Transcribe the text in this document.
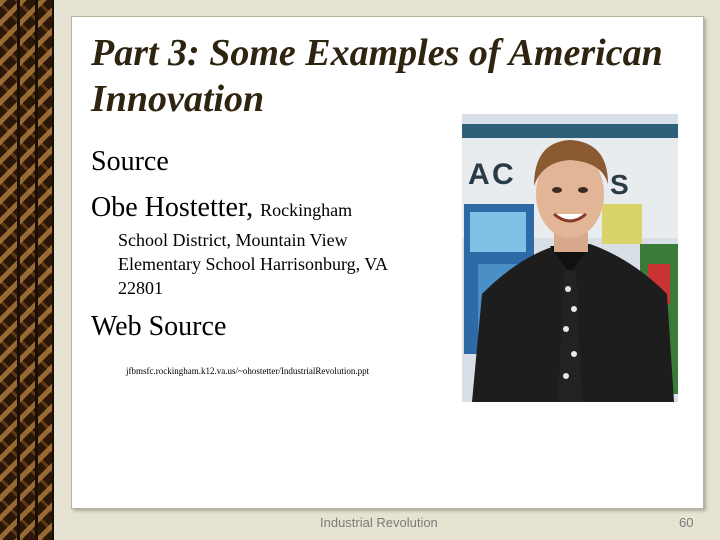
Part 3: Some Examples of American
Innovation
Source
Obe Hostetter, Rockingham
School District, Mountain View Elementary School Harrisonburg, VA 22801
Web Source
jfbmsfc.rockingham.k12.va.us/~ohostetter/IndustrialRevolution.ppt
A C	S
Industrial Revolution	60
